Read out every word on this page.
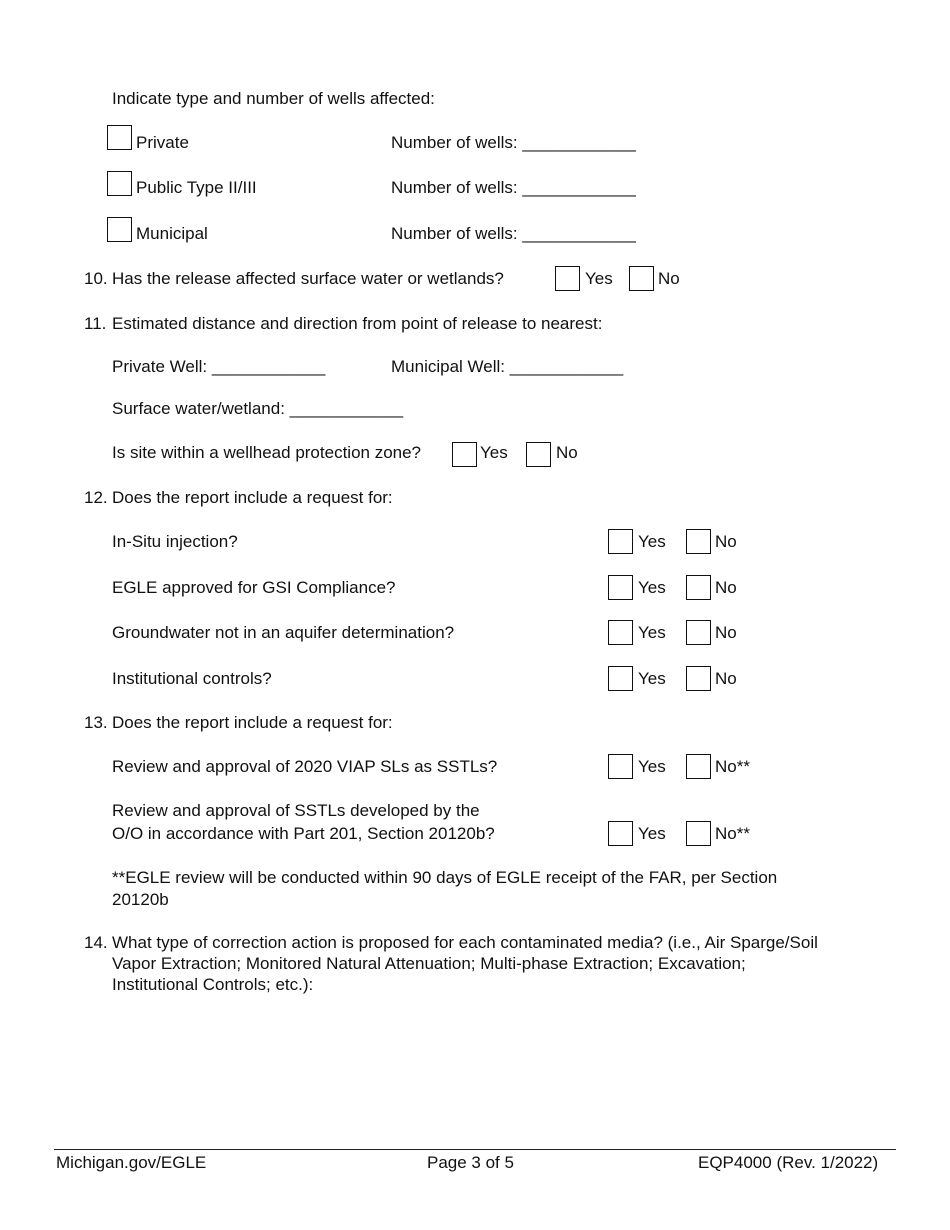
Indicate type and number of wells affected:
Private	Number of wells: ____________
Public Type II/III	Number of wells: ____________
Municipal	Number of wells: ____________
10. Has the release affected surface water or wetlands?	Yes	No
11. Estimated distance and direction from point of release to nearest:
Private Well: ____________	Municipal Well: ____________
Surface water/wetland: ____________
Is site within a wellhead protection zone?	Yes	No
12. Does the report include a request for:
In-Situ injection?	Yes	No
EGLE approved for GSI Compliance?	Yes	No
Groundwater not in an aquifer determination?	Yes	No
Institutional controls?	Yes	No
13. Does the report include a request for:
Review and approval of 2020 VIAP SLs as SSTLs?	Yes	No**
Review and approval of SSTLs developed by the
O/O in accordance with Part 201, Section 20120b?	Yes	No**
**EGLE review will be conducted within 90 days of EGLE receipt of the FAR, per Section
20120b
14. What type of correction action is proposed for each contaminated media? (i.e., Air Sparge/Soil
Vapor Extraction; Monitored Natural Attenuation; Multi-phase Extraction; Excavation;
Institutional Controls; etc.):
Michigan.gov/EGLE	Page 3 of 5	EQP4000 (Rev. 1/2022)
